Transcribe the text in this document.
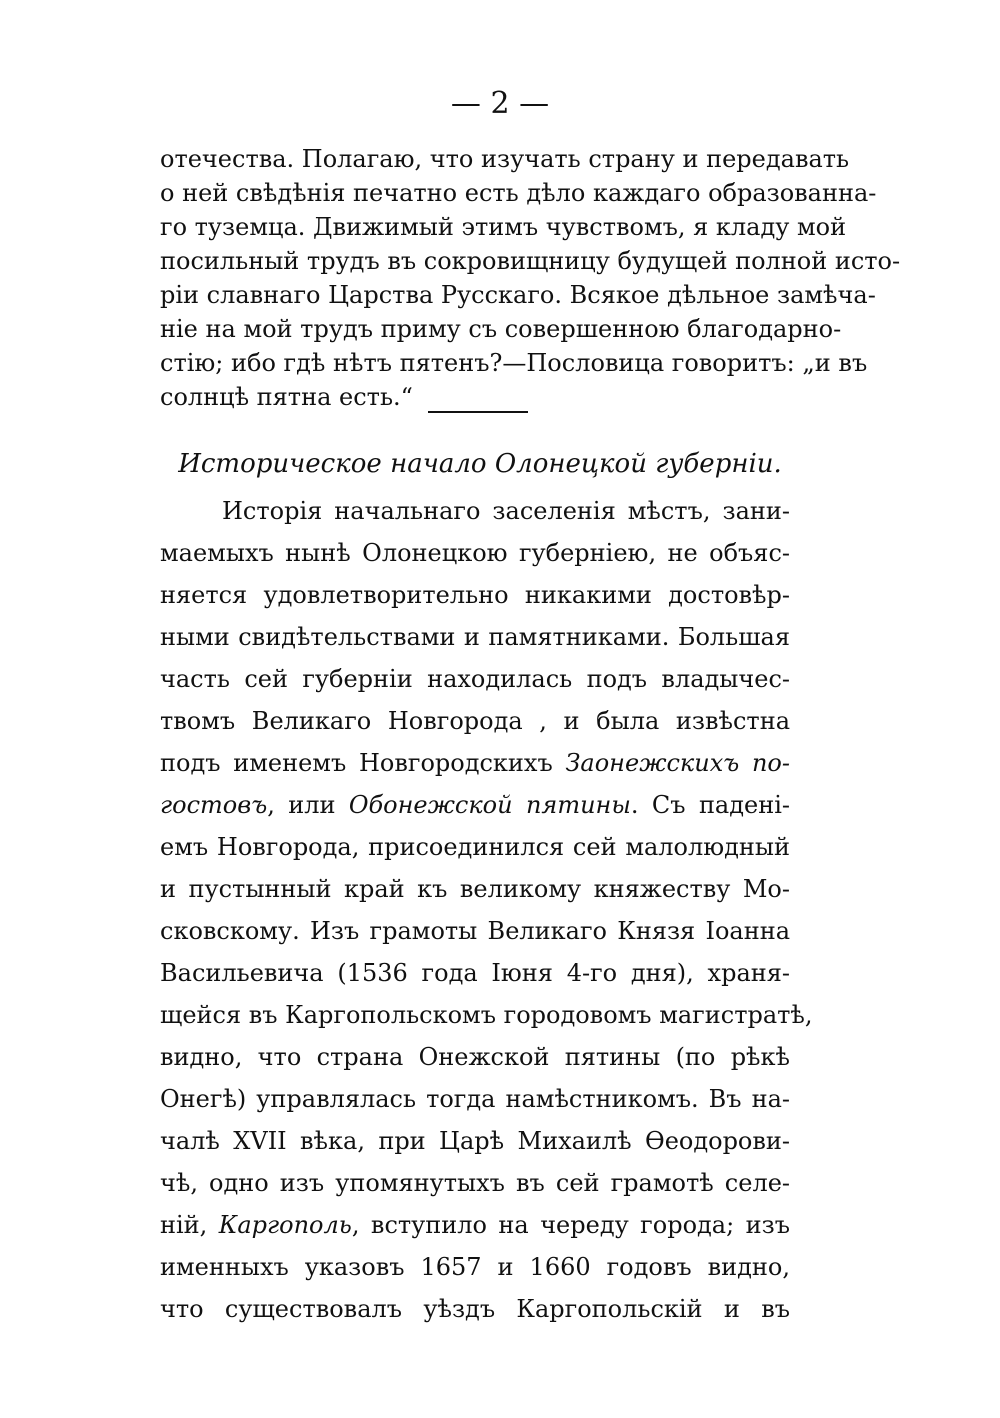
— 2 —
отечества. Полагаю, что изучать страну и передавать
о ней свѣдѣнія печатно есть дѣло каждаго образованна-
го туземца. Движимый этимъ чувствомъ, я кладу мой
посильный трудъ въ сокровищницу будущей полной исто-
ріи славнаго Царства Русскаго. Всякое дѣльное замѣча-
ніе на мой трудъ приму съ совершенною благодарно-
стію; ибо гдѣ нѣтъ пятенъ?—Пословица говоритъ: „и въ
солнцѣ пятна есть.“
Историческое начало Олонецкой губерніи.
Исторія начальнаго заселенія мѣстъ, зани-
маемыхъ нынѣ Олонецкою губерніею, не объяс-
няется удовлетворительно никакими достовѣр-
ными свидѣтельствами и памятниками. Большая
часть сей губерніи находилась подъ владычес-
твомъ Великаго Новгорода , и была извѣстна
подъ именемъ Новгородскихъ Заонежскихъ по-
гостовъ, или Обонежской пятины. Съ падені-
емъ Новгорода, присоединился сей малолюдный
и пустынный край къ великому княжеству Мо-
сковскому. Изъ грамоты Великаго Князя Іоанна
Васильевича (1536 года Іюня 4-го дня), храня-
щейся въ Каргопольскомъ городовомъ магистратѣ,
видно, что страна Онежской пятины (по рѣкѣ
Онегѣ) управлялась тогда намѣстникомъ. Въ на-
чалѣ XVII вѣка, при Царѣ Михаилѣ Ѳеодорови-
чѣ, одно изъ упомянутыхъ въ сей грамотѣ селе-
ній, Каргополь, вступило на череду города; изъ
именныхъ указовъ 1657 и 1660 годовъ видно,
что существовалъ уѣздъ Каргопольскій и въ
